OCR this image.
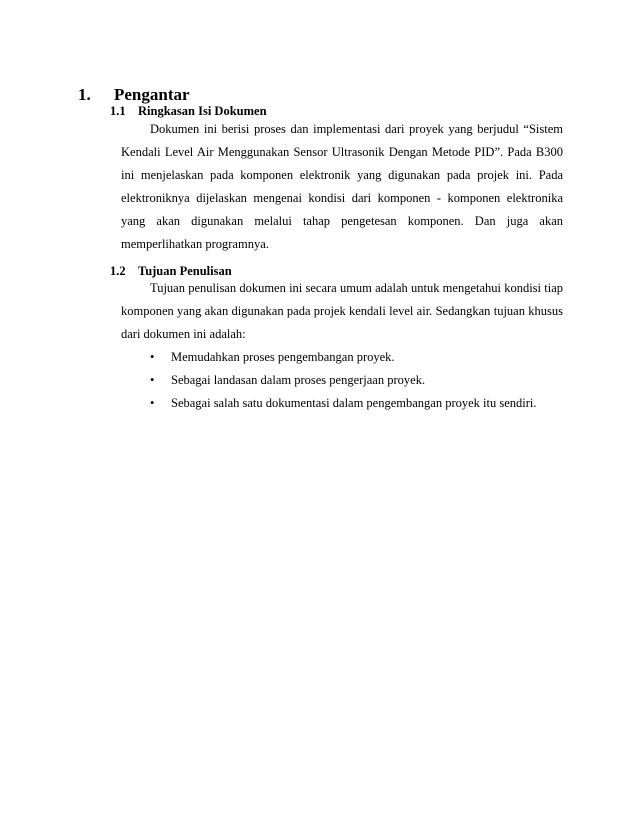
1. Pengantar
1.1 Ringkasan Isi Dokumen

Dokumen ini berisi proses dan implementasi dari proyek yang berjudul “Sistem Kendali Level Air Menggunakan Sensor Ultrasonik Dengan Metode PID”. Pada B300 ini menjelaskan pada komponen elektronik yang digunakan pada projek ini. Pada elektroniknya dijelaskan mengenai kondisi dari komponen - komponen elektronika yang akan digunakan melalui tahap pengetesan komponen. Dan juga akan memperlihatkan programnya.

1.2 Tujuan Penulisan

Tujuan penulisan dokumen ini secara umum adalah untuk mengetahui kondisi tiap komponen yang akan digunakan pada projek kendali level air. Sedangkan tujuan khusus dari dokumen ini adalah:

• Memudahkan proses pengembangan proyek.
• Sebagai landasan dalam proses pengerjaan proyek.
• Sebagai salah satu dokumentasi dalam pengembangan proyek itu sendiri.
